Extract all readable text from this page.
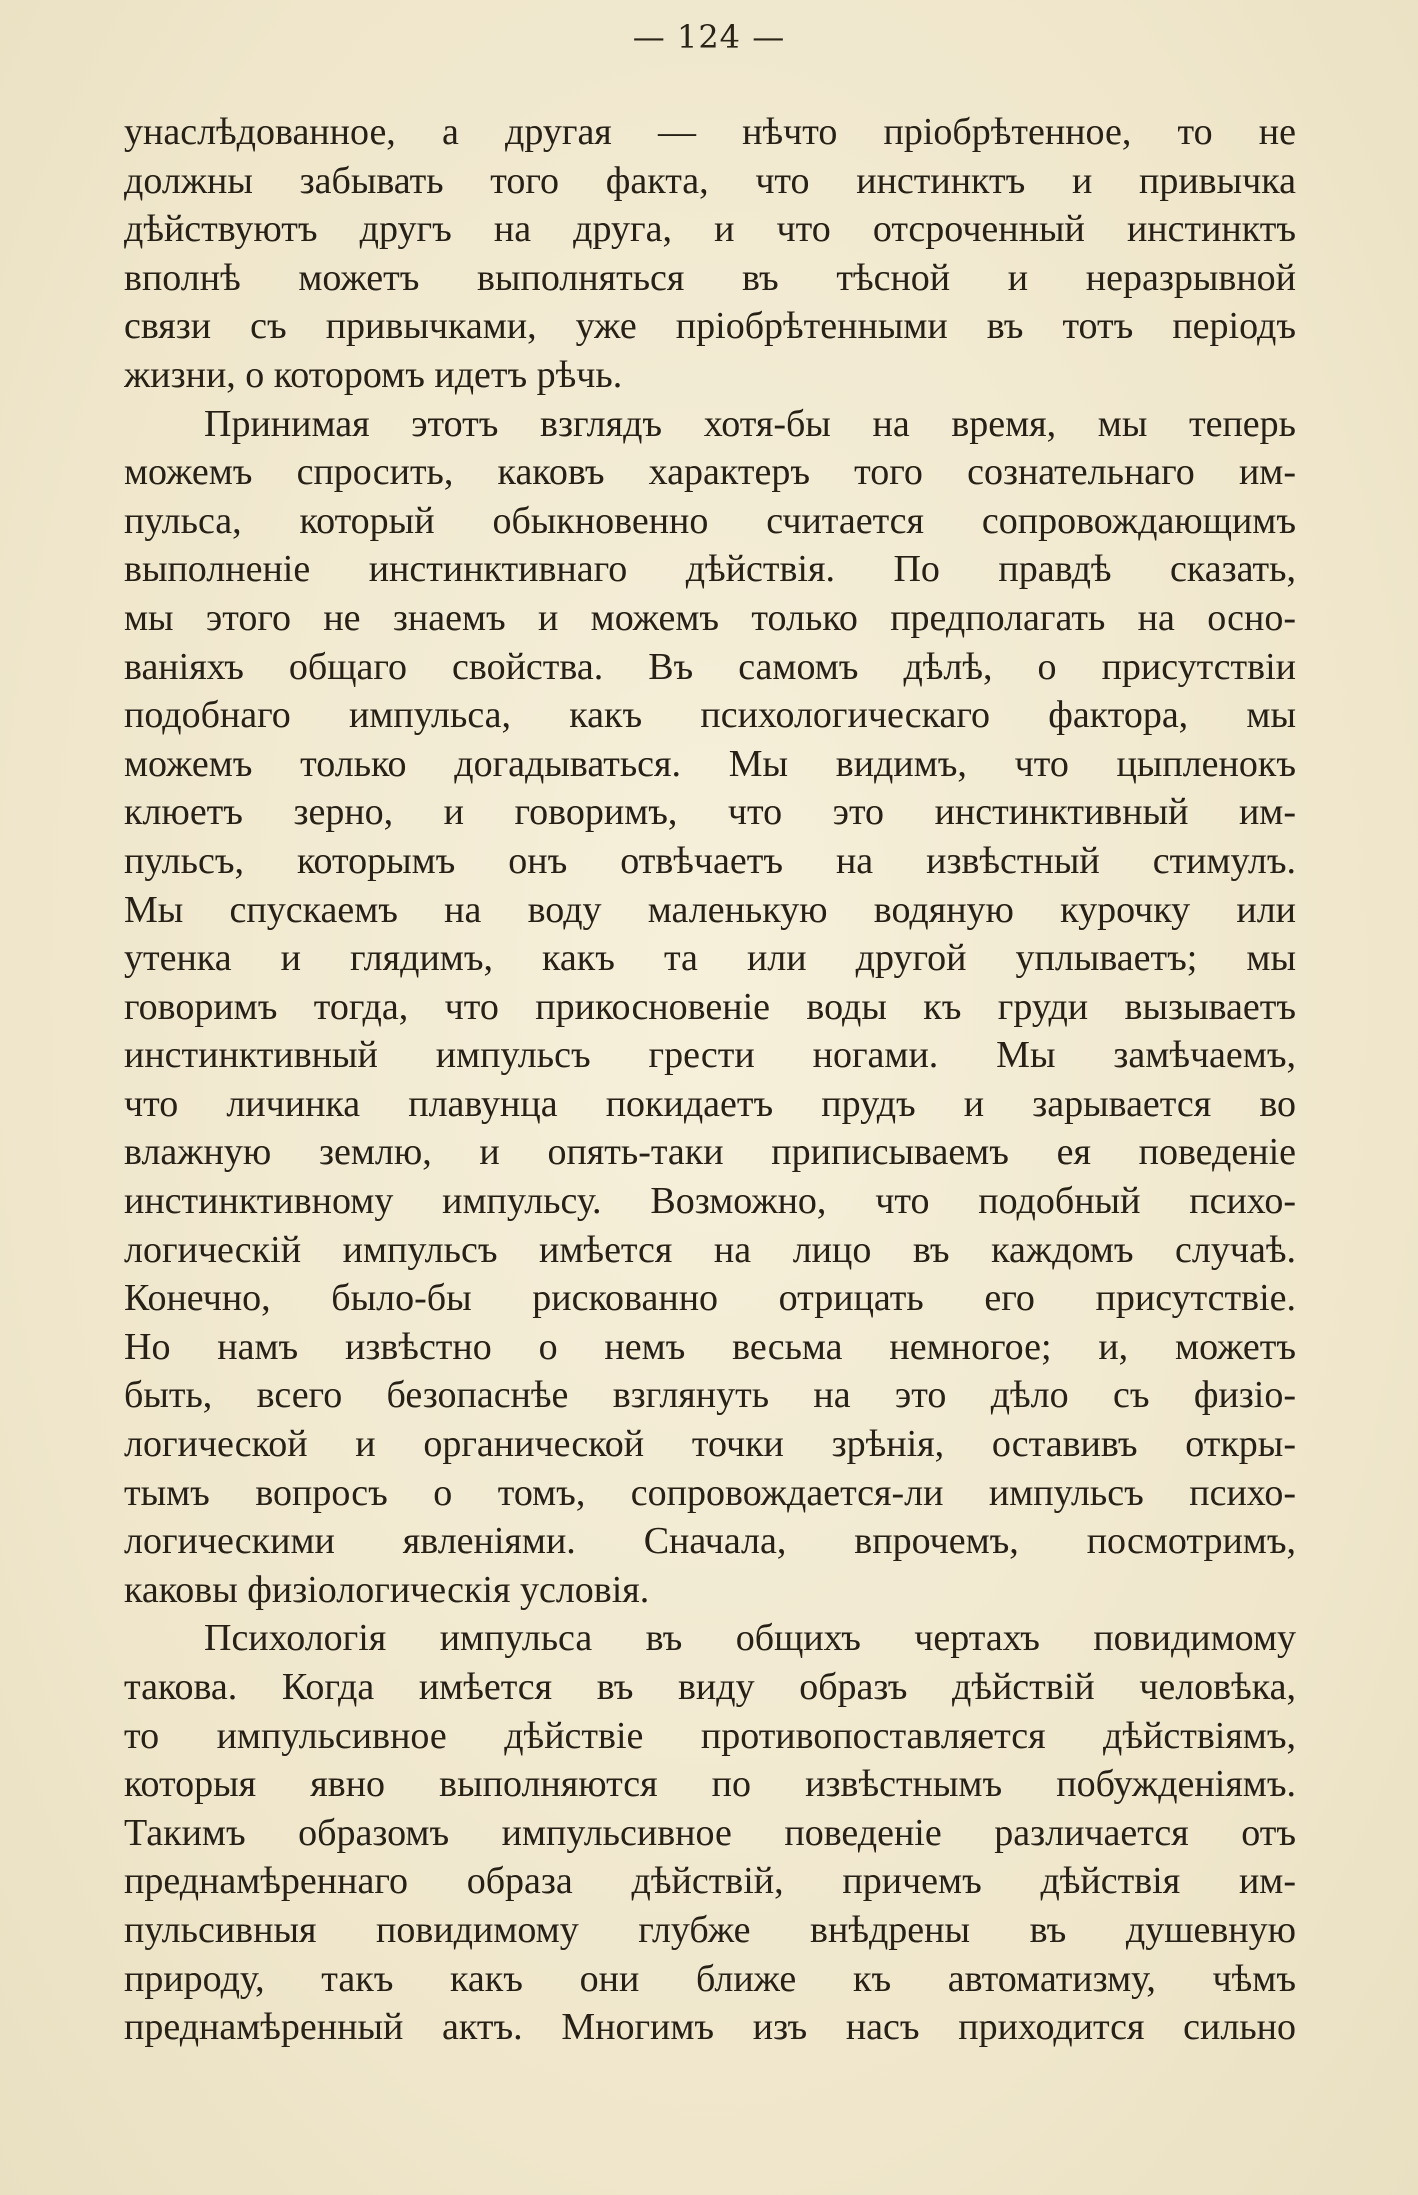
— 124 —
унаслѣдованное, а другая — нѣчто пріобрѣтенное, то не
должны забывать того факта, что инстинктъ и привычка
дѣйствуютъ другъ на друга, и что отсроченный инстинктъ
вполнѣ можетъ выполняться въ тѣсной и неразрывной
связи съ привычками, уже пріобрѣтенными въ тотъ періодъ
жизни, о которомъ идетъ рѣчь.
Принимая этотъ взглядъ хотя-бы на время, мы теперь
можемъ спросить, каковъ характеръ того сознательнаго им-
пульса, который обыкновенно считается сопровождающимъ
выполненіе инстинктивнаго дѣйствія. По правдѣ сказать,
мы этого не знаемъ и можемъ только предполагать на осно-
ваніяхъ общаго свойства. Въ самомъ дѣлѣ, о присутствіи
подобнаго импульса, какъ психологическаго фактора, мы
можемъ только догадываться. Мы видимъ, что цыпленокъ
клюетъ зерно, и говоримъ, что это инстинктивный им-
пульсъ, которымъ онъ отвѣчаетъ на извѣстный стимулъ.
Мы спускаемъ на воду маленькую водяную курочку или
утенка и глядимъ, какъ та или другой уплываетъ; мы
говоримъ тогда, что прикосновеніе воды къ груди вызываетъ
инстинктивный импульсъ грести ногами. Мы замѣчаемъ,
что личинка плавунца покидаетъ прудъ и зарывается во
влажную землю, и опять-таки приписываемъ ея поведеніе
инстинктивному импульсу. Возможно, что подобный психо-
логическій импульсъ имѣется на лицо въ каждомъ случаѣ.
Конечно, было-бы рискованно отрицать его присутствіе.
Но намъ извѣстно о немъ весьма немногое; и, можетъ
быть, всего безопаснѣе взглянуть на это дѣло съ физіо-
логической и органической точки зрѣнія, оставивъ откры-
тымъ вопросъ о томъ, сопровождается-ли импульсъ психо-
логическими явленіями. Сначала, впрочемъ, посмотримъ,
каковы физіологическія условія.
Психологія импульса въ общихъ чертахъ повидимому
такова. Когда имѣется въ виду образъ дѣйствій человѣка,
то импульсивное дѣйствіе противопоставляется дѣйствіямъ,
которыя явно выполняются по извѣстнымъ побужденіямъ.
Такимъ образомъ импульсивное поведеніе различается отъ
преднамѣреннаго образа дѣйствій, причемъ дѣйствія им-
пульсивныя повидимому глубже внѣдрены въ душевную
природу, такъ какъ они ближе къ автоматизму, чѣмъ
преднамѣренный актъ. Многимъ изъ насъ приходится сильно
